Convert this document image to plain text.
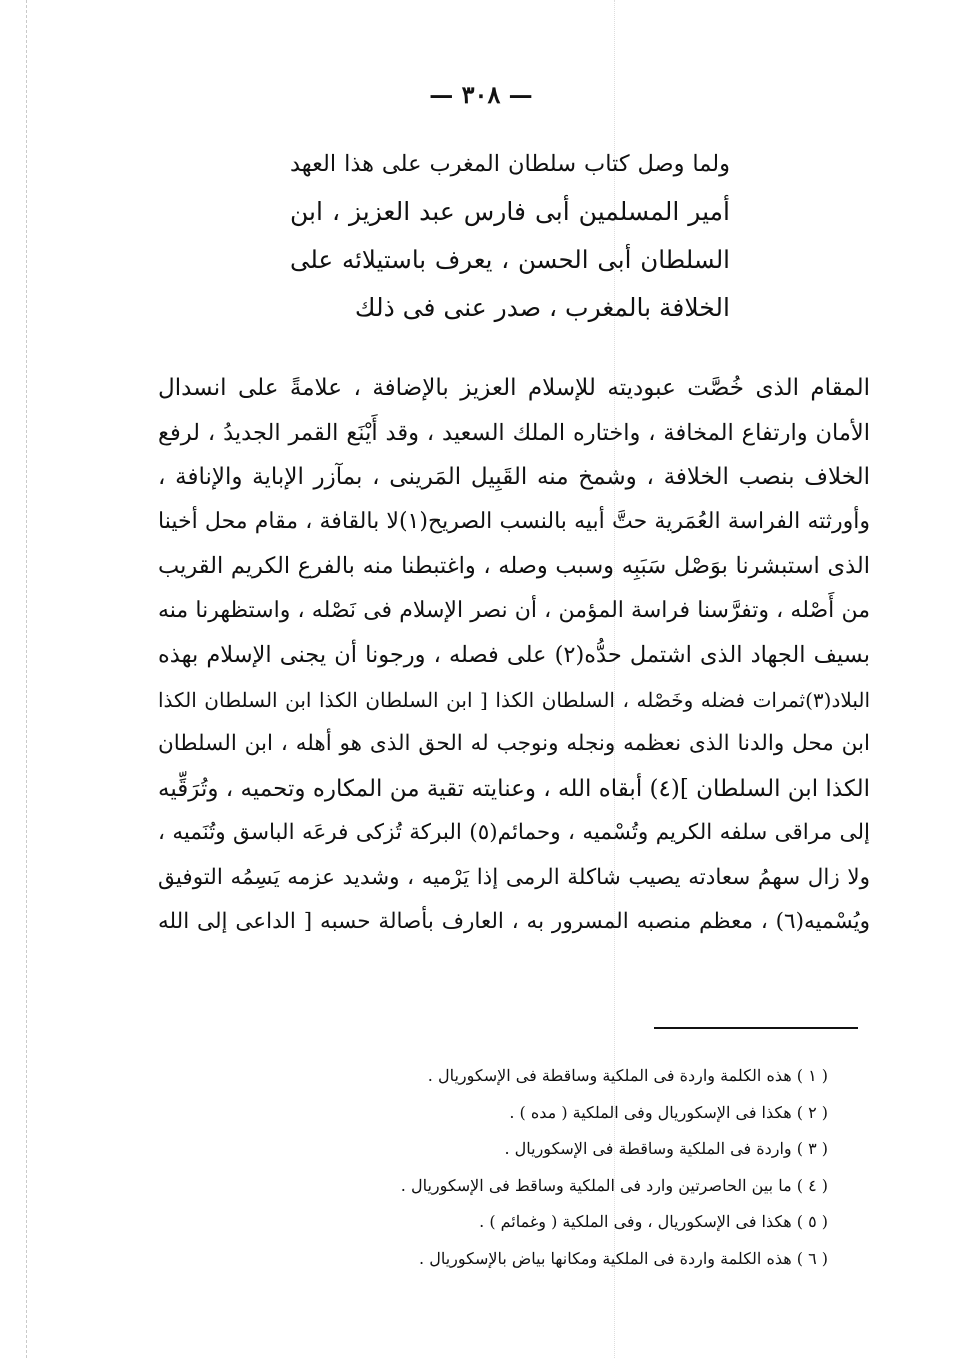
— ٣٠٨ —
ولما وصل كتاب سلطان المغرب على هذا العهد
أمير المسلمين أبى فارس عبد العزيز ، ابن
السلطان أبى الحسن ، يعرف باستيلائه على
الخلافة بالمغرب ، صدر عنى فى ذلك
المقام الذى خُصَّت عبوديته للإسلام العزيز بالإضافة ، علامةً على انسدال
الأمان وارتفاع المخافة ، واختاره الملك السعيد ، وقد أَيْنَع القمر الجديدُ ، لرفع
الخلاف بنصب الخلافة ، وشمخ منه القَبِيل المَرينى ، بمآزر الإباية والإنافة ،
وأورثته الفراسة العُمَرية حتَّ أبيه بالنسب الصريح(١)لا بالقافة ، مقام محل أخينا
الذى استبشرنا بوَصْل سَبَبِه وسبب وصله ، واغتبطنا منه بالفرع الكريم القريب
من أَصْله ، وتفرَّسنا فراسة المؤمن ، أن نصر الإسلام فى نَصْله ، واستظهرنا منه
بسيف الجهاد الذى اشتمل حدُّه(٢) على فصله ، ورجونا أن يجنى الإسلام بهذه
البلاد(٣)ثمرات فضله وخَصْله ، السلطان الكذا [ ابن السلطان الكذا ابن السلطان الكذا
ابن محل والدنا الذى نعظمه ونجله ونوجب له الحق الذى هو أهله ، ابن السلطان
الكذا ابن السلطان ](٤) أبقاه الله ، وعنايته تقية من المكاره وتحميه ، وتُرَقِّيه
إلى مراقى سلفه الكريم وتُسْميه ، وحمائم(٥) البركة تُزكى فرعَه الباسق وتُنَميه ،
ولا زال سهمُ سعادته يصيب شاكلة الرمى إذا يَرْميه ، وشديد عزمه يَسِمُه التوفيق
ويُسْميه(٦) ، معظم منصبه المسرور به ، العارف بأصالة حسبه [ الداعى إلى الله
( ١ ) هذه الكلمة واردة فى الملكية وساقطة فى الإسكوريال .
( ٢ ) هكذا فى الإسكوريال وفى الملكية ( مده ) .
( ٣ ) واردة فى الملكية وساقطة فى الإسكوريال .
( ٤ ) ما بين الحاصرتين وارد فى الملكية وساقط فى الإسكوريال .
( ٥ ) هكذا فى الإسكوريال ، وفى الملكية ( وغمائم ) .
( ٦ ) هذه الكلمة واردة فى الملكية ومكانها بياض بالإسكوريال .
